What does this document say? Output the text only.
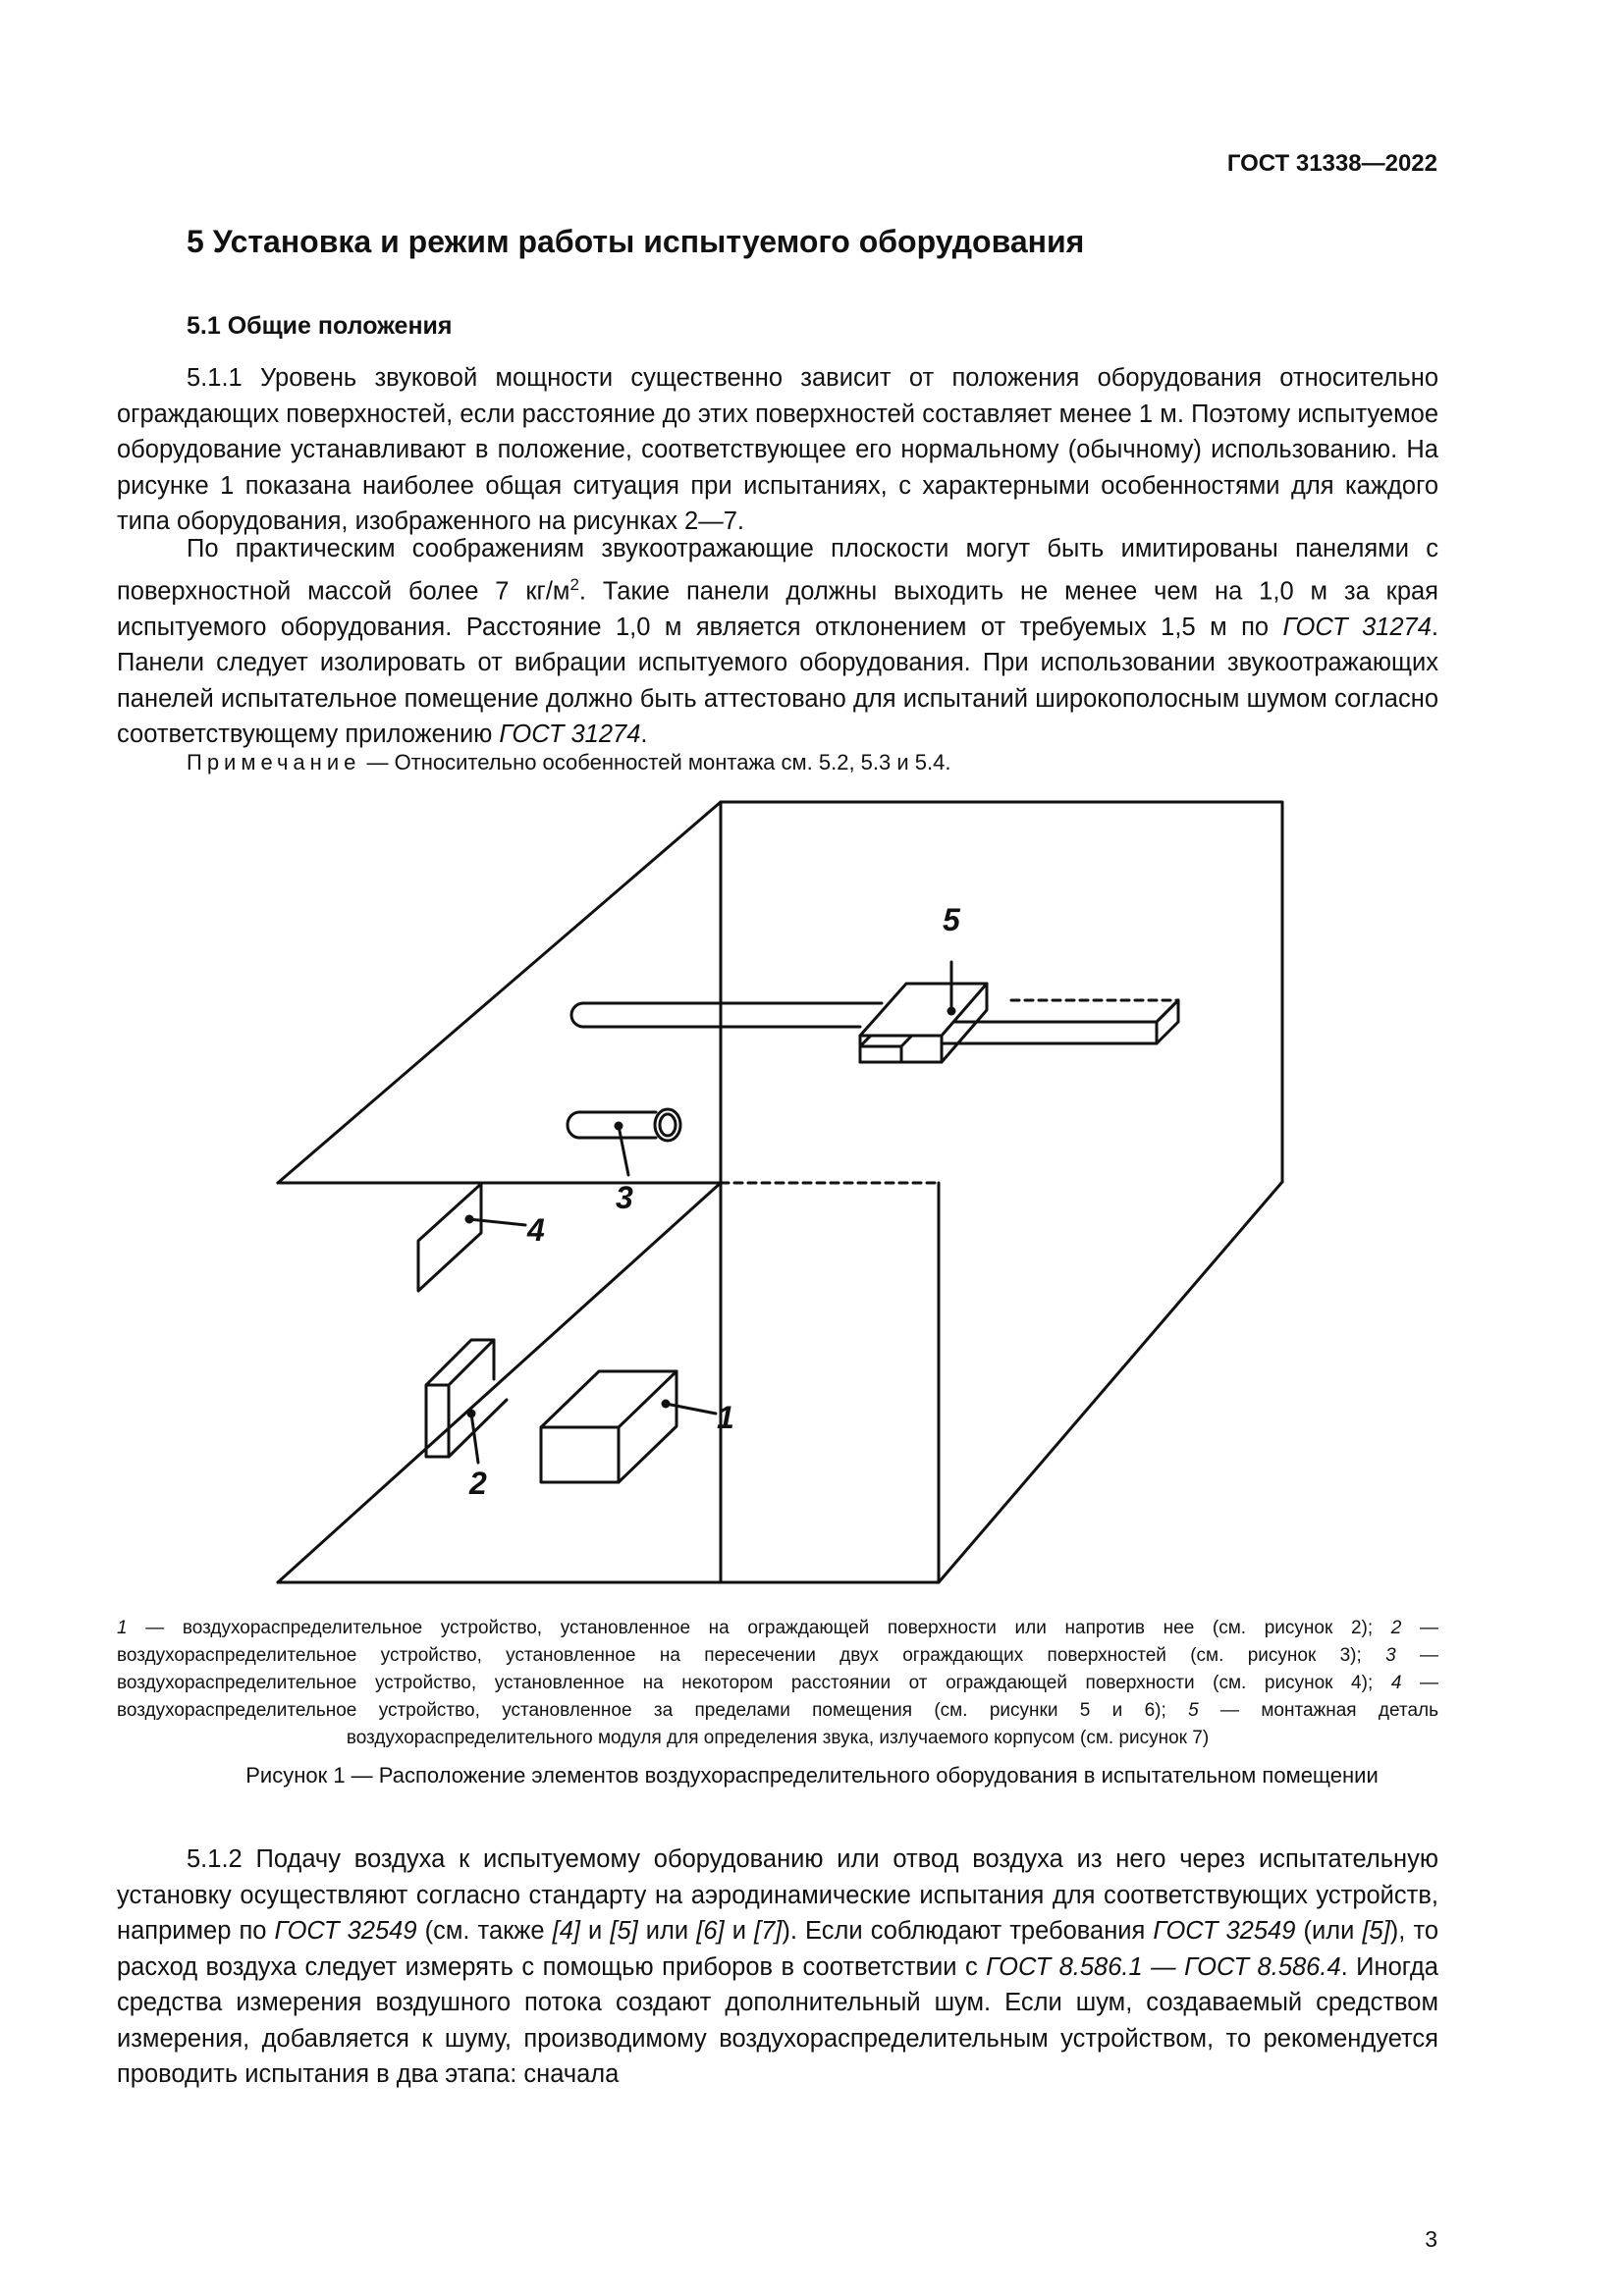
ГОСТ 31338—2022
5 Установка и режим работы испытуемого оборудования
5.1 Общие положения

5.1.1 Уровень звуковой мощности существенно зависит от положения оборудования относительно ограждающих поверхностей, если расстояние до этих поверхностей составляет менее 1 м. Поэтому испытуемое оборудование устанавливают в положение, соответствующее его нормальному (обычному) использованию. На рисунке 1 показана наиболее общая ситуация при испытаниях, с характерными особенностями для каждого типа оборудования, изображенного на рисунках 2—7.

По практическим соображениям звукоотражающие плоскости могут быть имитированы панелями с поверхностной массой более 7 $кг/м^2$. Такие панели должны выходить не менее чем на 1,0 м за края испытуемого оборудования. Расстояние 1,0 м является отклонением от требуемых 1,5 м по ГОСТ 31274. Панели следует изолировать от вибрации испытуемого оборудования. При использовании звукоотражающих панелей испытательное помещение должно быть аттестовано для испытаний широкополосным шумом согласно соответствующему приложению ГОСТ 31274.

Примечание — Относительно особенностей монтажа см. 5.2, 5.3 и 5.4.
5
3
4
1
2

1 — воздухораспределительное устройство, установленное на ограждающей поверхности или напротив нее (см. рисунок 2); 2 — воздухораспределительное устройство, установленное на пересечении двух ограждающих поверхностей (см. рисунок 3); 3 — воздухораспределительное устройство, установленное на некотором расстоянии от ограждающей поверхности (см. рисунок 4); 4 — воздухораспределительное устройство, установленное за пределами помещения (см. рисунки 5 и 6); 5 — монтажная деталь воздухораспределительного модуля для определения звука, излучаемого корпусом (см. рисунок 7)

Рисунок 1 — Расположение элементов воздухораспределительного оборудования в испытательном помещении

5.1.2 Подачу воздуха к испытуемому оборудованию или отвод воздуха из него через испытательную установку осуществляют согласно стандарту на аэродинамические испытания для соответствующих устройств, например по ГОСТ 32549 (см. также [4] и [5] или [6] и [7]). Если соблюдают требования ГОСТ 32549 (или [5]), то расход воздуха следует измерять с помощью приборов в соответствии с ГОСТ 8.586.1 — ГОСТ 8.586.4. Иногда средства измерения воздушного потока создают дополнительный шум. Если шум, создаваемый средством измерения, добавляется к шуму, производимому воздухораспределительным устройством, то рекомендуется проводить испытания в два этапа: сначала

3
